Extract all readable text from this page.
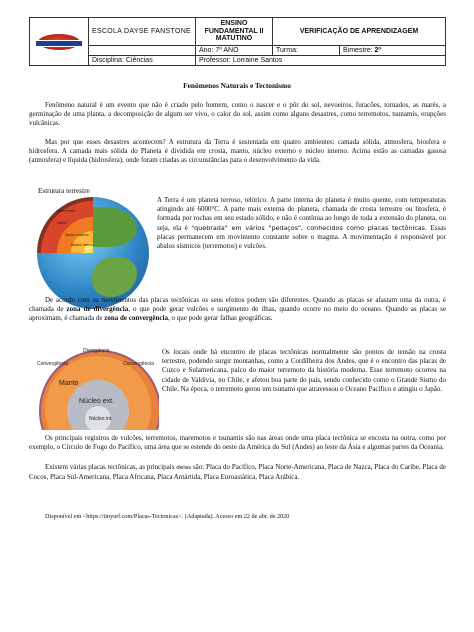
	ESCOLA DAYSE FANSTONE	ENSINO FUNDAMENTAL II MATUTINO	VERIFICAÇÃO DE APRENDIZAGEM	
		Ano: 7º ANO	Turma:	Bimestre: 2º
	Disciplina: Ciências	Professor: Lorraine Santos		
Fenômenos Naturais e Tectonismo
Fenômeno natural é um evento que não é criado pelo homem, como o nascer e o pôr do sol, nevoeiros, furacões, tornados, as marés, a germinação de uma planta, a decomposição de algum ser vivo, o calor do sol, assim como alguns desastres, como terremotos, tsunamis, erupções vulcânicas.
Mas por que esses desastres acontecem? A estrutura da Terra é sustentada em quatro ambientes: camada sólida, atmosfera, biosfera e hidrosfera. A camada mais sólida do Planeta é dividida em crosta, manto, núcleo externo e núcleo interno. Acima estão as camadas gasosa (atmosfera) e líquida (hidrosfera), onde foram criadas as circunstâncias para o desenvolvimento da vida.
Estrutura terrestre
Crosta terrestre
Manto
Núcleo externo
Núcleo interno
A Terra é um planeta terroso, telúrico. A parte interna do planeta é muito quente, com temperaturas atingindo até 6000°C. A parte mais externa do planeta, chamada de crosta terrestre ou litosfera, é formada por rochas em seu estado sólido, e não é contínua ao longo de toda a extensão do planeta, ou seja, ela é "quebrada" em vários "pedaços", conhecidos como placas tectônicas. Essas placas permanecem em movimento constante sobre o magma. A movimentação é responsável por abalos sísmicos (terremotos) e vulcões.
De acordo com os movimentos das placas tectônicas os seus efeitos podem são diferentes. Quando as placas se afastam uma da outra, é chamada de zona de divergência, o que pode gerar vulcões e surgimento de ilhas, quando ocorre no meio do oceano. Quando as placas se aproximam, é chamada de zona de convergência, o que pode gerar falhas geográficas.
Divergência
Convergência	Convergência
Manto
Núcleo ext.
Núcleo int.
Os locais onde há encontro de placas tectônicas normalmente são pontos de tensão na crosta terrestre, podendo surgir montanhas, como a Cordilheira dos Andes, que é o encontro das placas de Cuzco e Sulamericana, palco do maior terremoto da história moderna. Esse terremoto ocorreu na cidade de Valdívia, no Chile, e afetou boa parte do país, sendo conhecido como o Grande Sismo do Chile. Na época, o terremoto gerou um tsunami que atravessou o Oceano Pacífico e atingiu o Japão.
Os principais registros de vulcões, terremotos, maremotos e tsunamis são nas áreas onde uma placa tectônica se encosta na outra, como por exemplo, o Círculo de Fogo do Pacífico, uma área que se estende do oeste da América do Sul (Andes) ao leste da Ásia e algumas partes da Oceania.
Existem várias placas tectônicas, as principais delas são: Placa do Pacífico, Placa Norte-Americana, Placa de Nazca, Placa do Caribe, Placa de Cocos, Placa Sul-Americana, Placa Africana, Placa Antártida, Placa Euroasiática, Placa Arábica.
Disponível em <https://tinyurl.com/Placas-Tectonicas>. (Adaptada). Acesso em 22 de abr. de 2020
